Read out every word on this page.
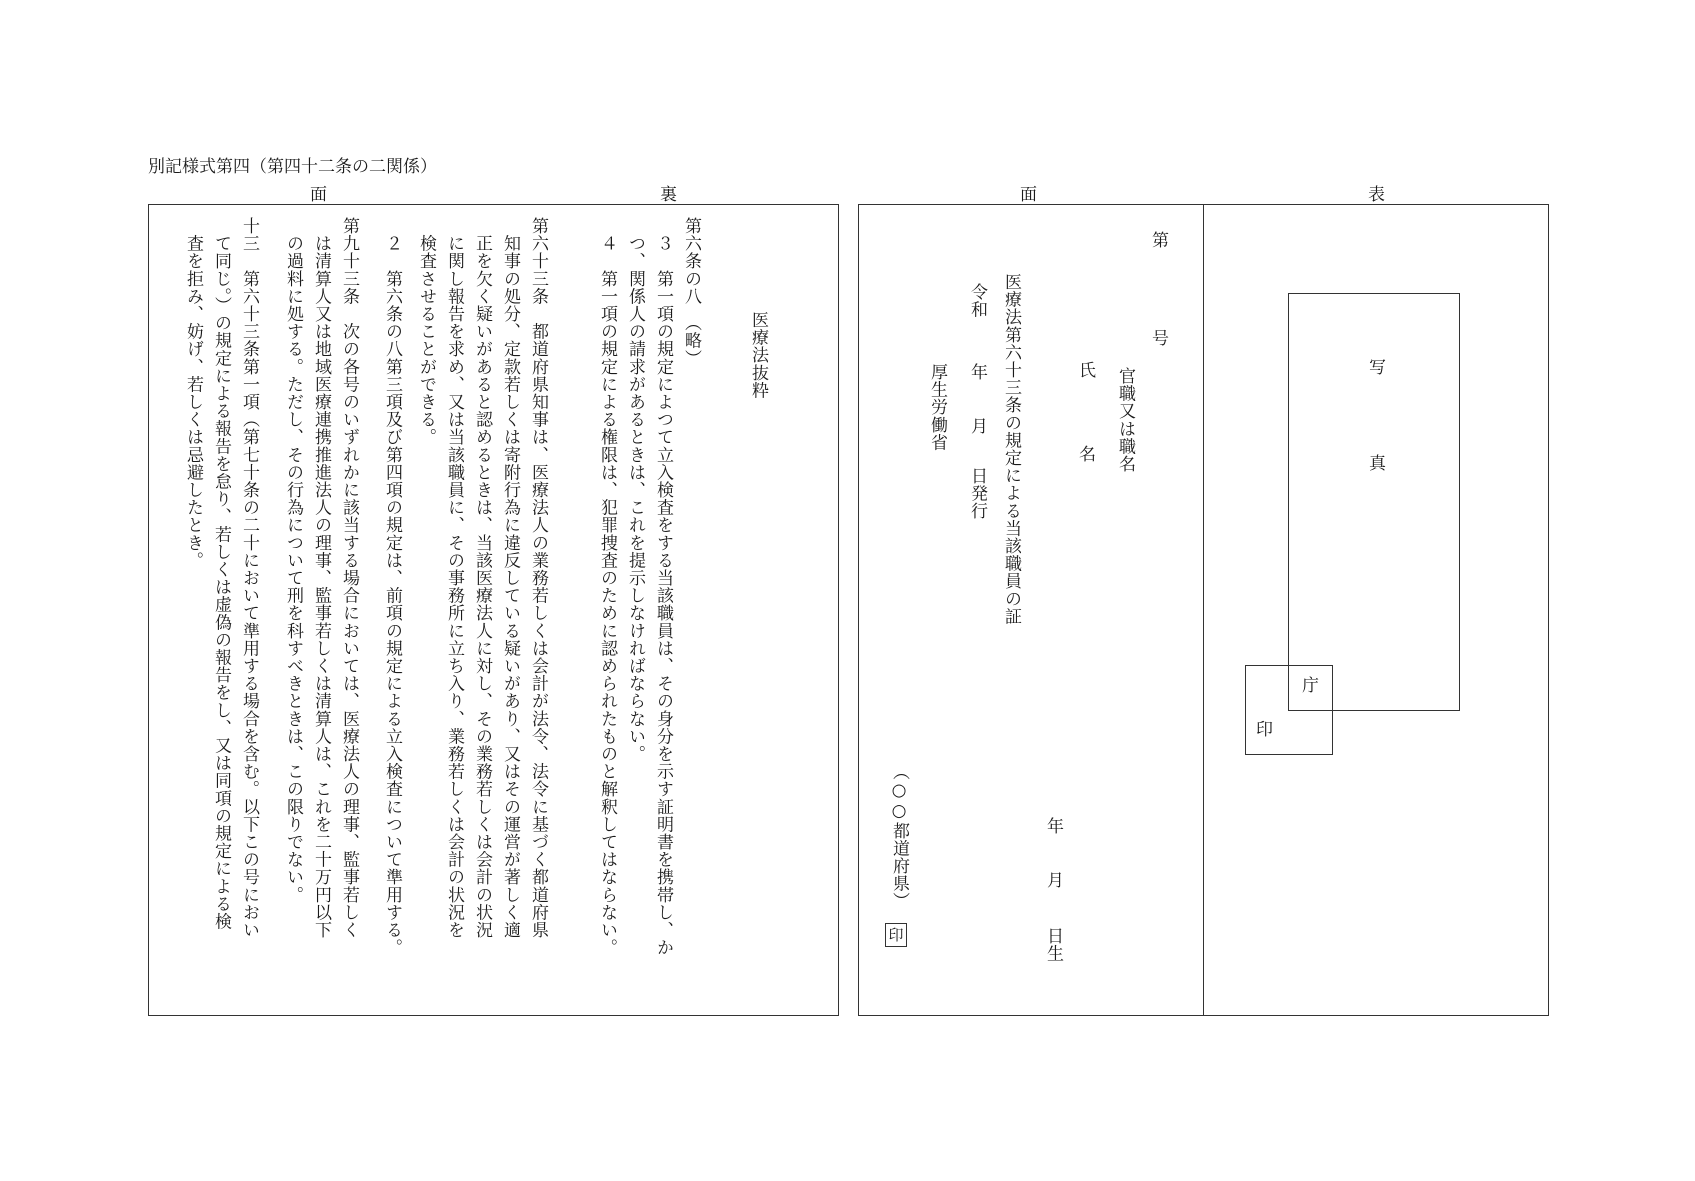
別記様式第四（第四十二条の二関係）
面	裏	面	表
医療法抜粋
第六条の八　（略）
　３　第一項の規定によつて立入検査をする当該職員は、その身分を示す証明書を携帯し、か
　つ、関係人の請求があるときは、これを提示しなければならない。
　４　第一項の規定による権限は、犯罪捜査のために認められたものと解釈してはならない。
第六十三条　都道府県知事は、医療法人の業務若しくは会計が法令、法令に基づく都道府県
　知事の処分、定款若しくは寄附行為に違反している疑いがあり、又はその運営が著しく適
　正を欠く疑いがあると認めるときは、当該医療法人に対し、その業務若しくは会計の状況
　に関し報告を求め、又は当該職員に、その事務所に立ち入り、業務若しくは会計の状況を
　検査させることができる。
　２　第六条の八第三項及び第四項の規定は、前項の規定による立入検査について準用する。
第九十三条　次の各号のいずれかに該当する場合においては、医療法人の理事、監事若しく
　は清算人又は地域医療連携推進法人の理事、監事若しくは清算人は、これを二十万円以下
　の過料に処する。ただし、その行為について刑を科すべきときは、この限りでない。
十三　第六十三条第一項（第七十条の二十において準用する場合を含む。以下この号におい
　て同じ。）の規定による報告を怠り、若しくは虚偽の報告をし、又は同項の規定による検
　査を拒み、妨げ、若しくは忌避したとき。	第
号
官職又は職名
氏
名
年
月
日生
医療法第六十三条の規定による当該職員の証
令和
年
月
日発行
厚生労働省
（○○都道府県）
印
写
真
庁
印
